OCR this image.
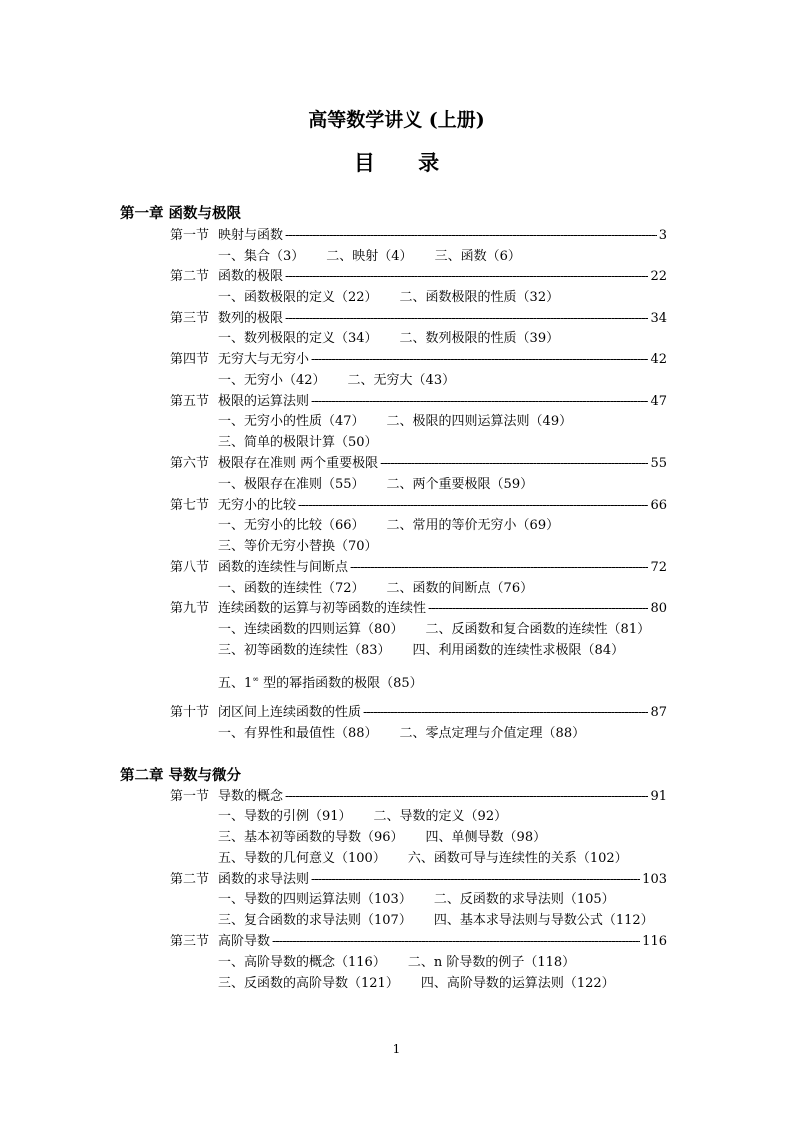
高等数学讲义 (上册)
目 录
第一章 函数与极限
第一节 映射与函数 -----	3
一、集合（3） 二、映射（4） 三、函数（6）
第二节 函数的极限 -----	22
一、函数极限的定义（22） 二、函数极限的性质（32）
第三节 数列的极限 -----	34
一、数列极限的定义（34） 二、数列极限的性质（39）
第四节 无穷大与无穷小 -----	42
一、无穷小（42） 二、无穷大（43）
第五节 极限的运算法则 -----	47
一、无穷小的性质（47） 二、极限的四则运算法则（49）
三、简单的极限计算（50）
第六节 极限存在准则 两个重要极限 -----	55
一、极限存在准则（55） 二、两个重要极限（59）
第七节 无穷小的比较 -----	66
一、无穷小的比较（66） 二、常用的等价无穷小（69）
三、等价无穷小替换（70）
第八节 函数的连续性与间断点 -----	72
一、函数的连续性（72） 二、函数的间断点（76）
第九节 连续函数的运算与初等函数的连续性 -----	80
一、连续函数的四则运算（80） 二、反函数和复合函数的连续性（81）
三、初等函数的连续性（83） 四、利用函数的连续性求极限（84）
五、1∞ 型的幂指函数的极限（85）
第十节 闭区间上连续函数的性质 -----	87
一、有界性和最值性（88） 二、零点定理与介值定理（88）
第二章 导数与微分
第一节 导数的概念 -----	91
一、导数的引例（91） 二、导数的定义（92）
三、基本初等函数的导数（96） 四、单侧导数（98）
五、导数的几何意义（100） 六、函数可导与连续性的关系（102）
第二节 函数的求导法则 -----	103
一、导数的四则运算法则（103） 二、反函数的求导法则（105）
三、复合函数的求导法则（107） 四、基本求导法则与导数公式（112）
第三节 高阶导数 -----	116
一、高阶导数的概念（116） 二、n 阶导数的例子（118）
三、反函数的高阶导数（121） 四、高阶导数的运算法则（122）
1
